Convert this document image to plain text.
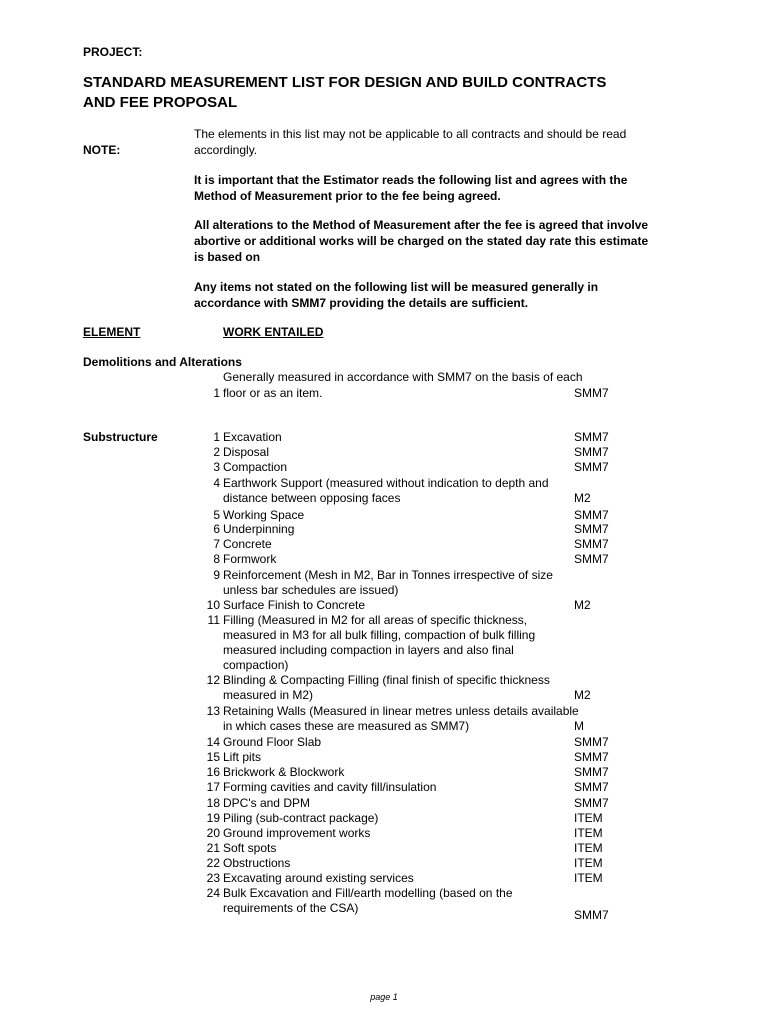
PROJECT:
STANDARD MEASUREMENT LIST FOR DESIGN AND BUILD CONTRACTS
AND FEE PROPOSAL
NOTE:
The elements in this list may not be applicable to all contracts and should be read
accordingly.
It is important that the Estimator reads the following list and agrees with the
Method of Measurement prior to the fee being agreed.
All alterations to the Method of Measurement after the fee is agreed that involve
abortive or additional works will be charged on the stated day rate this estimate
is based on
Any items not stated on the following list will be measured generally in
accordance with SMM7 providing the details are sufficient.
ELEMENT	WORK ENTAILED
Demolitions and Alterations
Generally measured in accordance with SMM7 on the basis of each
1 floor or as an item.	SMM7
Substructure	1 Excavation	SMM7
2 Disposal	SMM7
3 Compaction	SMM7
4 Earthwork Support (measured without indication to depth and
distance between opposing faces	M2
5 Working Space	SMM7
6 Underpinning	SMM7
7 Concrete	SMM7
8 Formwork	SMM7
9 Reinforcement (Mesh in M2, Bar in Tonnes irrespective of size
unless bar schedules are issued)
10 Surface Finish to Concrete	M2
11 Filling (Measured in M2 for all areas of specific thickness,
measured in M3 for all bulk filling, compaction of bulk filling
measured including compaction in layers and also final
compaction)
12 Blinding & Compacting Filling (final finish of specific thickness
measured in M2)	M2
13 Retaining Walls (Measured in linear metres unless details available
in which cases these are measured as SMM7)	M
14 Ground Floor Slab	SMM7
15 Lift pits	SMM7
16 Brickwork & Blockwork	SMM7
17 Forming cavities and cavity fill/insulation	SMM7
18 DPC's and DPM	SMM7
19 Piling (sub-contract package)	ITEM
20 Ground improvement works	ITEM
21 Soft spots	ITEM
22 Obstructions	ITEM
23 Excavating around existing services	ITEM
24 Bulk Excavation and Fill/earth modelling (based on the
requirements of the CSA)	SMM7
page 1
